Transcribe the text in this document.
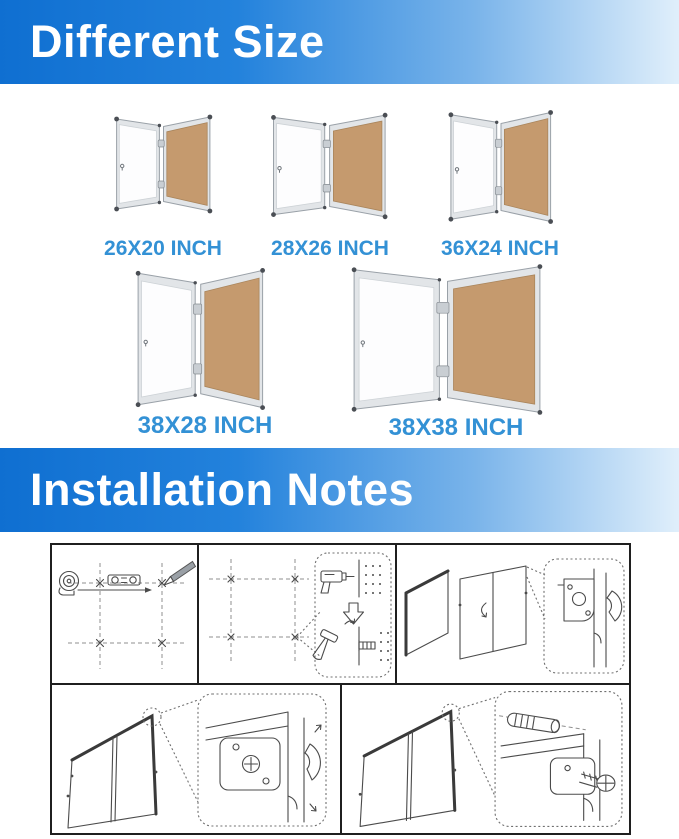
Different Size
26X20 INCH	28X26 INCH	36X24 INCH
38X28 INCH	38X38 INCH
Installation Notes
